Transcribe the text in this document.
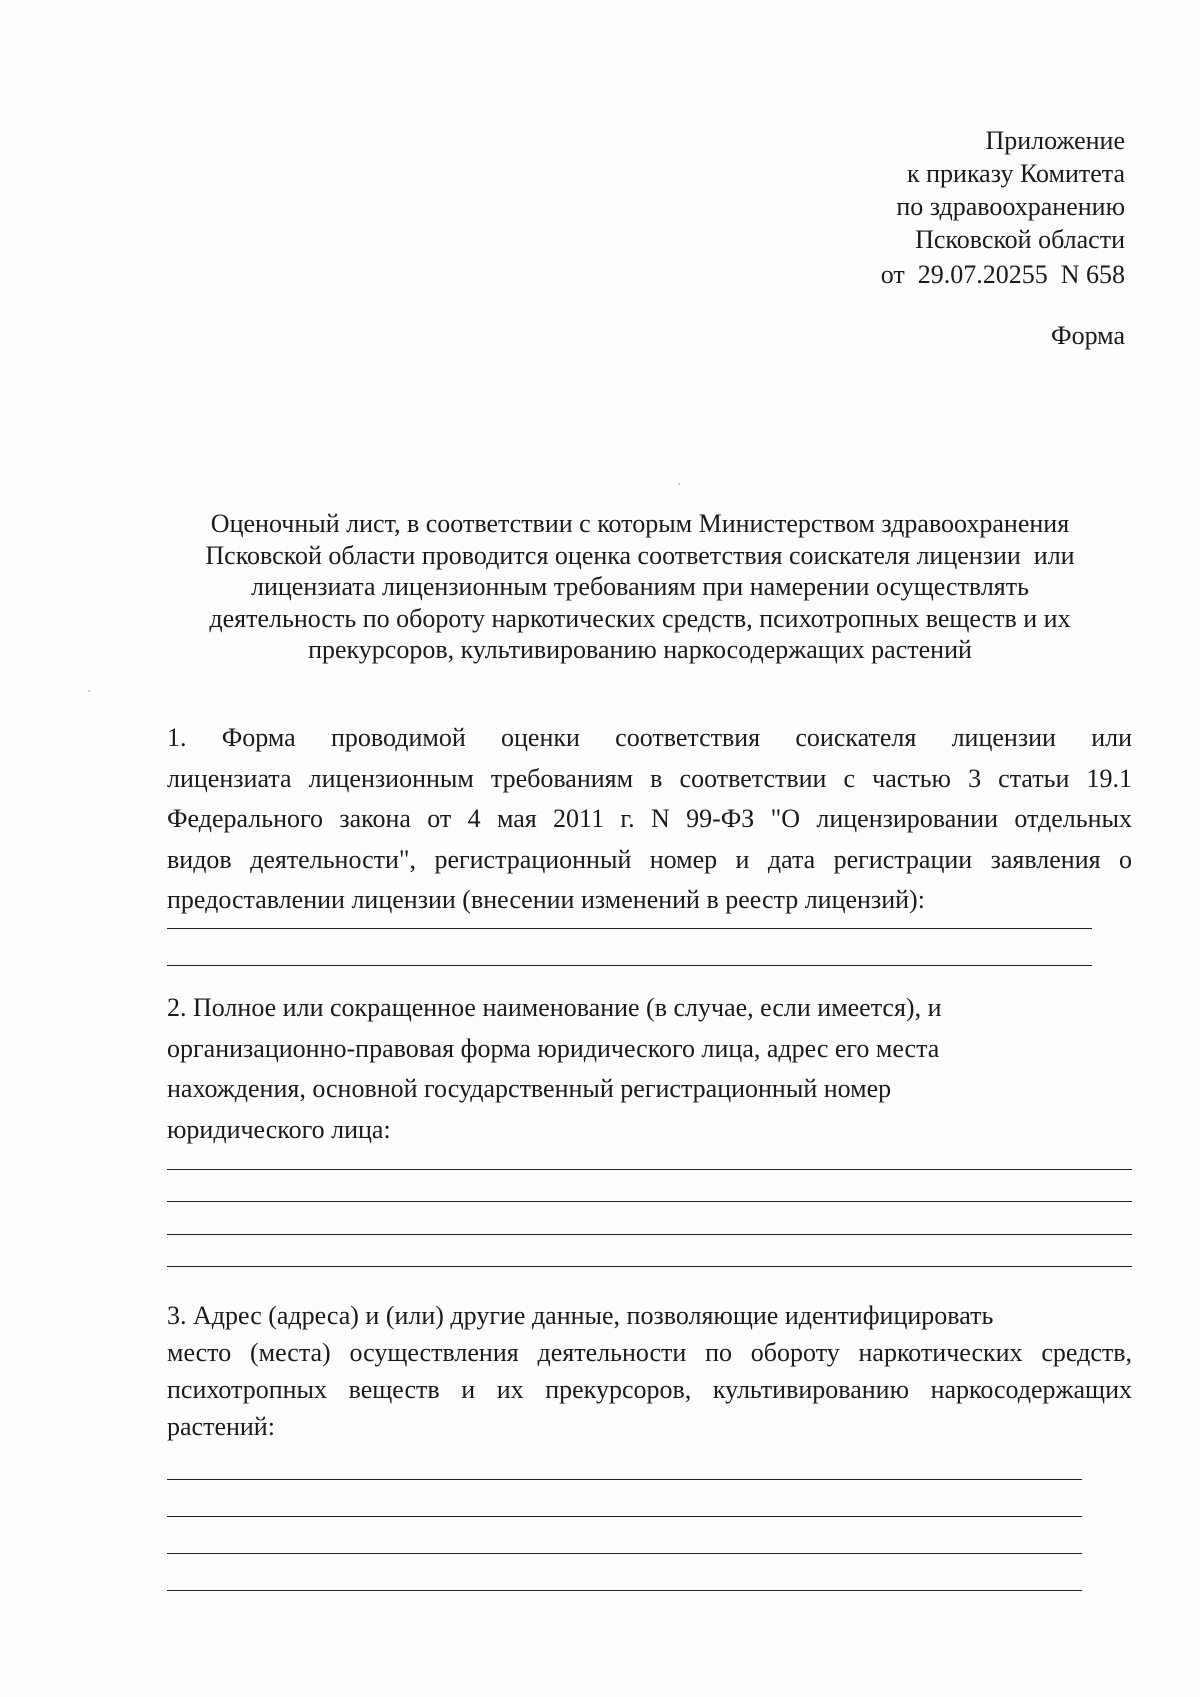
Приложение
к приказу Комитета
по здравоохранению
Псковской области
от  29.07.20255  N 658
Форма
Оценочный лист, в соответствии с которым Министерством здравоохранения
Псковской области проводится оценка соответствия соискателя лицензии  или
лицензиата лицензионным требованиям при намерении осуществлять
деятельность по обороту наркотических средств, психотропных веществ и их
прекурсоров, культивированию наркосодержащих растений
1. Форма проводимой оценки соответствия соискателя лицензии или
лицензиата лицензионным требованиям в соответствии с частью 3 статьи 19.1
Федерального закона от 4 мая 2011 г. N 99-ФЗ "О лицензировании отдельных
видов деятельности", регистрационный номер и дата регистрации заявления о
предоставлении лицензии (внесении изменений в реестр лицензий):
2. Полное или сокращенное наименование (в случае, если имеется), и
организационно-правовая форма юридического лица, адрес его места
нахождения, основной государственный регистрационный номер
юридического лица:
3. Адрес (адреса) и (или) другие данные, позволяющие идентифицировать
место (места) осуществления деятельности по обороту наркотических средств,
психотропных веществ и их прекурсоров, культивированию наркосодержащих
растений:
